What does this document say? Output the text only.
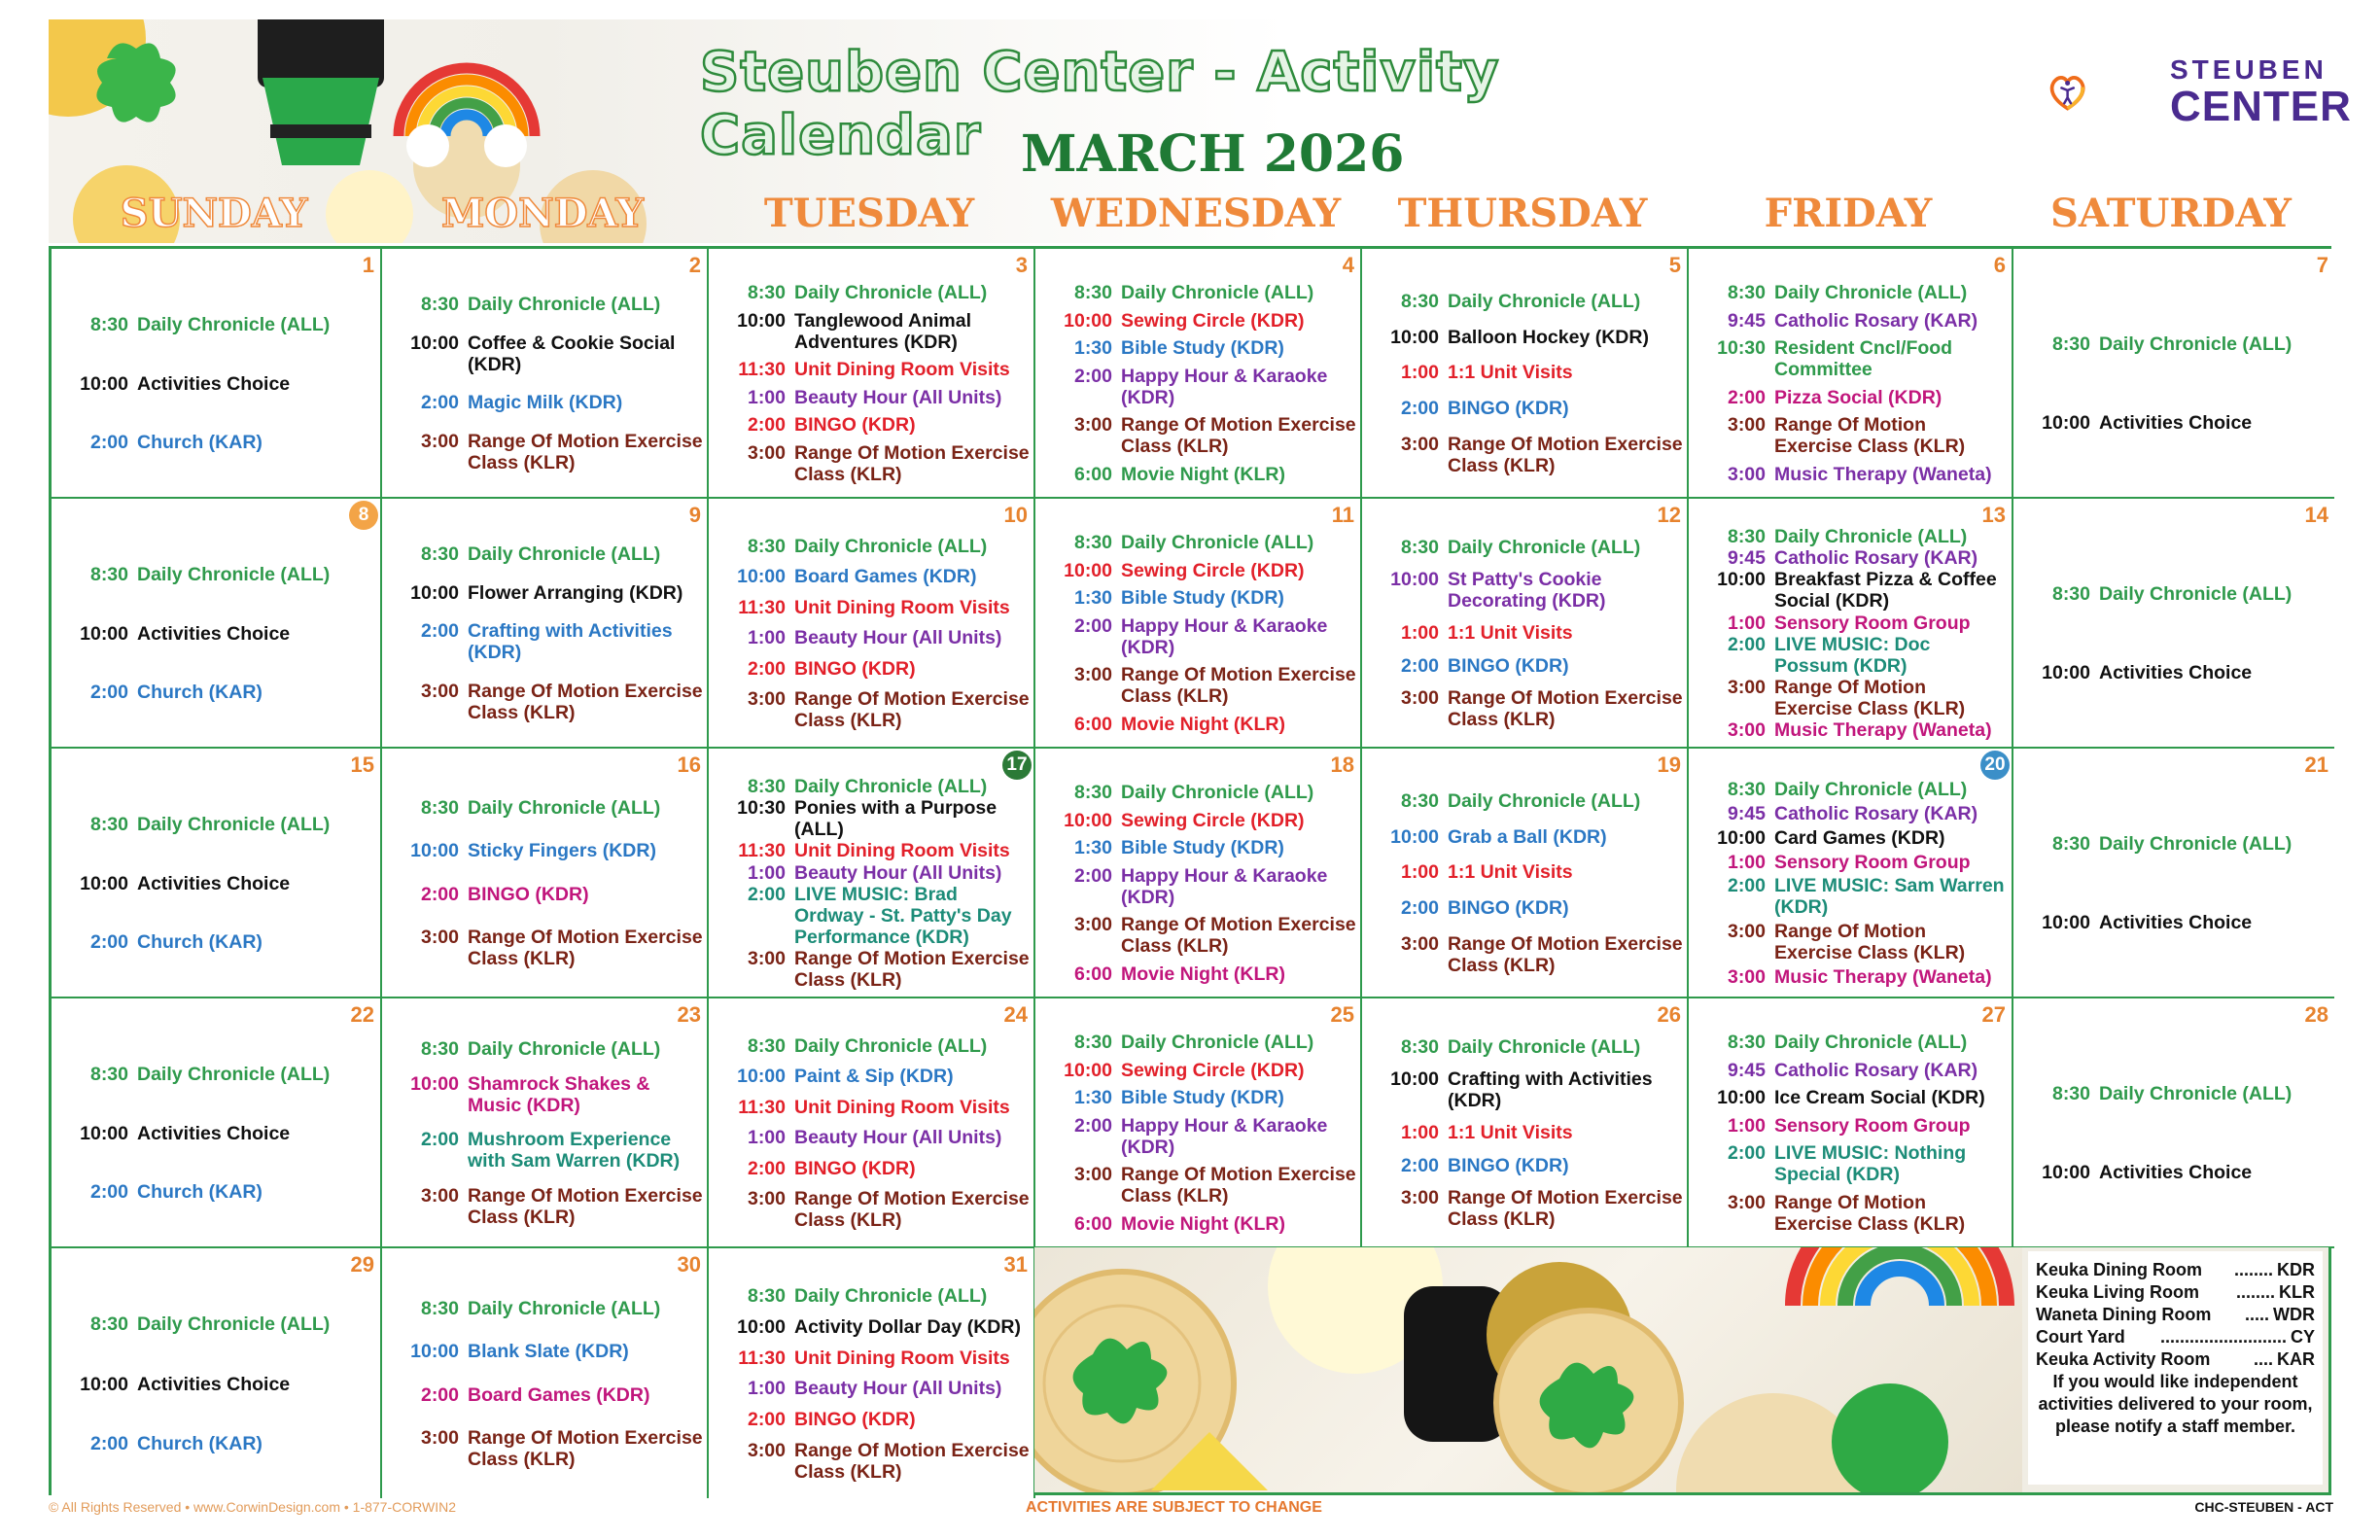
Steuben Center - Activity Calendar MARCH 2026
STEUBEN
CENTER
SUNDAY	MONDAY	TUESDAY	WEDNESDAY	THURSDAY	FRIDAY	SATURDAY
1
8:30 Daily Chronicle (ALL)
10:00 Activities Choice
2:00 Church (KAR)
2
8:30 Daily Chronicle (ALL)
10:00 Coffee & Cookie Social (KDR)
2:00 Magic Milk (KDR)
3:00 Range Of Motion Exercise Class (KLR)
3
8:30 Daily Chronicle (ALL)
10:00 Tanglewood Animal Adventures (KDR)
11:30 Unit Dining Room Visits
1:00 Beauty Hour (All Units)
2:00 BINGO (KDR)
3:00 Range Of Motion Exercise Class (KLR)
4
8:30 Daily Chronicle (ALL)
10:00 Sewing Circle (KDR)
1:30 Bible Study (KDR)
2:00 Happy Hour & Karaoke (KDR)
3:00 Range Of Motion Exercise Class (KLR)
6:00 Movie Night (KLR)
5
8:30 Daily Chronicle (ALL)
10:00 Balloon Hockey (KDR)
1:00 1:1 Unit Visits
2:00 BINGO (KDR)
3:00 Range Of Motion Exercise Class (KLR)
6
8:30 Daily Chronicle (ALL)
9:45 Catholic Rosary (KAR)
10:30 Resident Cncl/Food Committee
2:00 Pizza Social (KDR)
3:00 Range Of Motion Exercise Class (KLR)
3:00 Music Therapy (Waneta)
7
8:30 Daily Chronicle (ALL)
10:00 Activities Choice
8
8:30 Daily Chronicle (ALL)
10:00 Activities Choice
2:00 Church (KAR)
9
8:30 Daily Chronicle (ALL)
10:00 Flower Arranging (KDR)
2:00 Crafting with Activities (KDR)
3:00 Range Of Motion Exercise Class (KLR)
10
8:30 Daily Chronicle (ALL)
10:00 Board Games (KDR)
11:30 Unit Dining Room Visits
1:00 Beauty Hour (All Units)
2:00 BINGO (KDR)
3:00 Range Of Motion Exercise Class (KLR)
11
8:30 Daily Chronicle (ALL)
10:00 Sewing Circle (KDR)
1:30 Bible Study (KDR)
2:00 Happy Hour & Karaoke (KDR)
3:00 Range Of Motion Exercise Class (KLR)
6:00 Movie Night (KLR)
12
8:30 Daily Chronicle (ALL)
10:00 St Patty's Cookie Decorating (KDR)
1:00 1:1 Unit Visits
2:00 BINGO (KDR)
3:00 Range Of Motion Exercise Class (KLR)
13
8:30 Daily Chronicle (ALL)
9:45 Catholic Rosary (KAR)
10:00 Breakfast Pizza & Coffee Social (KDR)
1:00 Sensory Room Group
2:00 LIVE MUSIC: Doc Possum (KDR)
3:00 Range Of Motion Exercise Class (KLR)
3:00 Music Therapy (Waneta)
14
8:30 Daily Chronicle (ALL)
10:00 Activities Choice
15
8:30 Daily Chronicle (ALL)
10:00 Activities Choice
2:00 Church (KAR)
16
8:30 Daily Chronicle (ALL)
10:00 Sticky Fingers (KDR)
2:00 BINGO (KDR)
3:00 Range Of Motion Exercise Class (KLR)
17
8:30 Daily Chronicle (ALL)
10:30 Ponies with a Purpose (ALL)
11:30 Unit Dining Room Visits
1:00 Beauty Hour (All Units)
2:00 LIVE MUSIC: Brad Ordway - St. Patty's Day Performance (KDR)
3:00 Range Of Motion Exercise Class (KLR)
18
8:30 Daily Chronicle (ALL)
10:00 Sewing Circle (KDR)
1:30 Bible Study (KDR)
2:00 Happy Hour & Karaoke (KDR)
3:00 Range Of Motion Exercise Class (KLR)
6:00 Movie Night (KLR)
19
8:30 Daily Chronicle (ALL)
10:00 Grab a Ball (KDR)
1:00 1:1 Unit Visits
2:00 BINGO (KDR)
3:00 Range Of Motion Exercise Class (KLR)
20
8:30 Daily Chronicle (ALL)
9:45 Catholic Rosary (KAR)
10:00 Card Games (KDR)
1:00 Sensory Room Group
2:00 LIVE MUSIC: Sam Warren (KDR)
3:00 Range Of Motion Exercise Class (KLR)
3:00 Music Therapy (Waneta)
21
8:30 Daily Chronicle (ALL)
10:00 Activities Choice
22
8:30 Daily Chronicle (ALL)
10:00 Activities Choice
2:00 Church (KAR)
23
8:30 Daily Chronicle (ALL)
10:00 Shamrock Shakes & Music (KDR)
2:00 Mushroom Experience with Sam Warren (KDR)
3:00 Range Of Motion Exercise Class (KLR)
24
8:30 Daily Chronicle (ALL)
10:00 Paint & Sip (KDR)
11:30 Unit Dining Room Visits
1:00 Beauty Hour (All Units)
2:00 BINGO (KDR)
3:00 Range Of Motion Exercise Class (KLR)
25
8:30 Daily Chronicle (ALL)
10:00 Sewing Circle (KDR)
1:30 Bible Study (KDR)
2:00 Happy Hour & Karaoke (KDR)
3:00 Range Of Motion Exercise Class (KLR)
6:00 Movie Night (KLR)
26
8:30 Daily Chronicle (ALL)
10:00 Crafting with Activities (KDR)
1:00 1:1 Unit Visits
2:00 BINGO (KDR)
3:00 Range Of Motion Exercise Class (KLR)
27
8:30 Daily Chronicle (ALL)
9:45 Catholic Rosary (KAR)
10:00 Ice Cream Social (KDR)
1:00 Sensory Room Group
2:00 LIVE MUSIC: Nothing Special (KDR)
3:00 Range Of Motion Exercise Class (KLR)
28
8:30 Daily Chronicle (ALL)
10:00 Activities Choice
29
8:30 Daily Chronicle (ALL)
10:00 Activities Choice
2:00 Church (KAR)
30
8:30 Daily Chronicle (ALL)
10:00 Blank Slate (KDR)
2:00 Board Games (KDR)
3:00 Range Of Motion Exercise Class (KLR)
31
8:30 Daily Chronicle (ALL)
10:00 Activity Dollar Day (KDR)
11:30 Unit Dining Room Visits
1:00 Beauty Hour (All Units)
2:00 BINGO (KDR)
3:00 Range Of Motion Exercise Class (KLR)
Keuka Dining Room	........ KDR
Keuka Living Room	........ KLR
Waneta Dining Room	..... WDR
Court Yard	.......................... CY
Keuka Activity Room	.... KAR
If you would like independent activities delivered to your room, please notify a staff member.
© All Rights Reserved • www.CorwinDesign.com • 1-877-CORWIN2	ACTIVITIES ARE SUBJECT TO CHANGE	CHC-STEUBEN - ACT
